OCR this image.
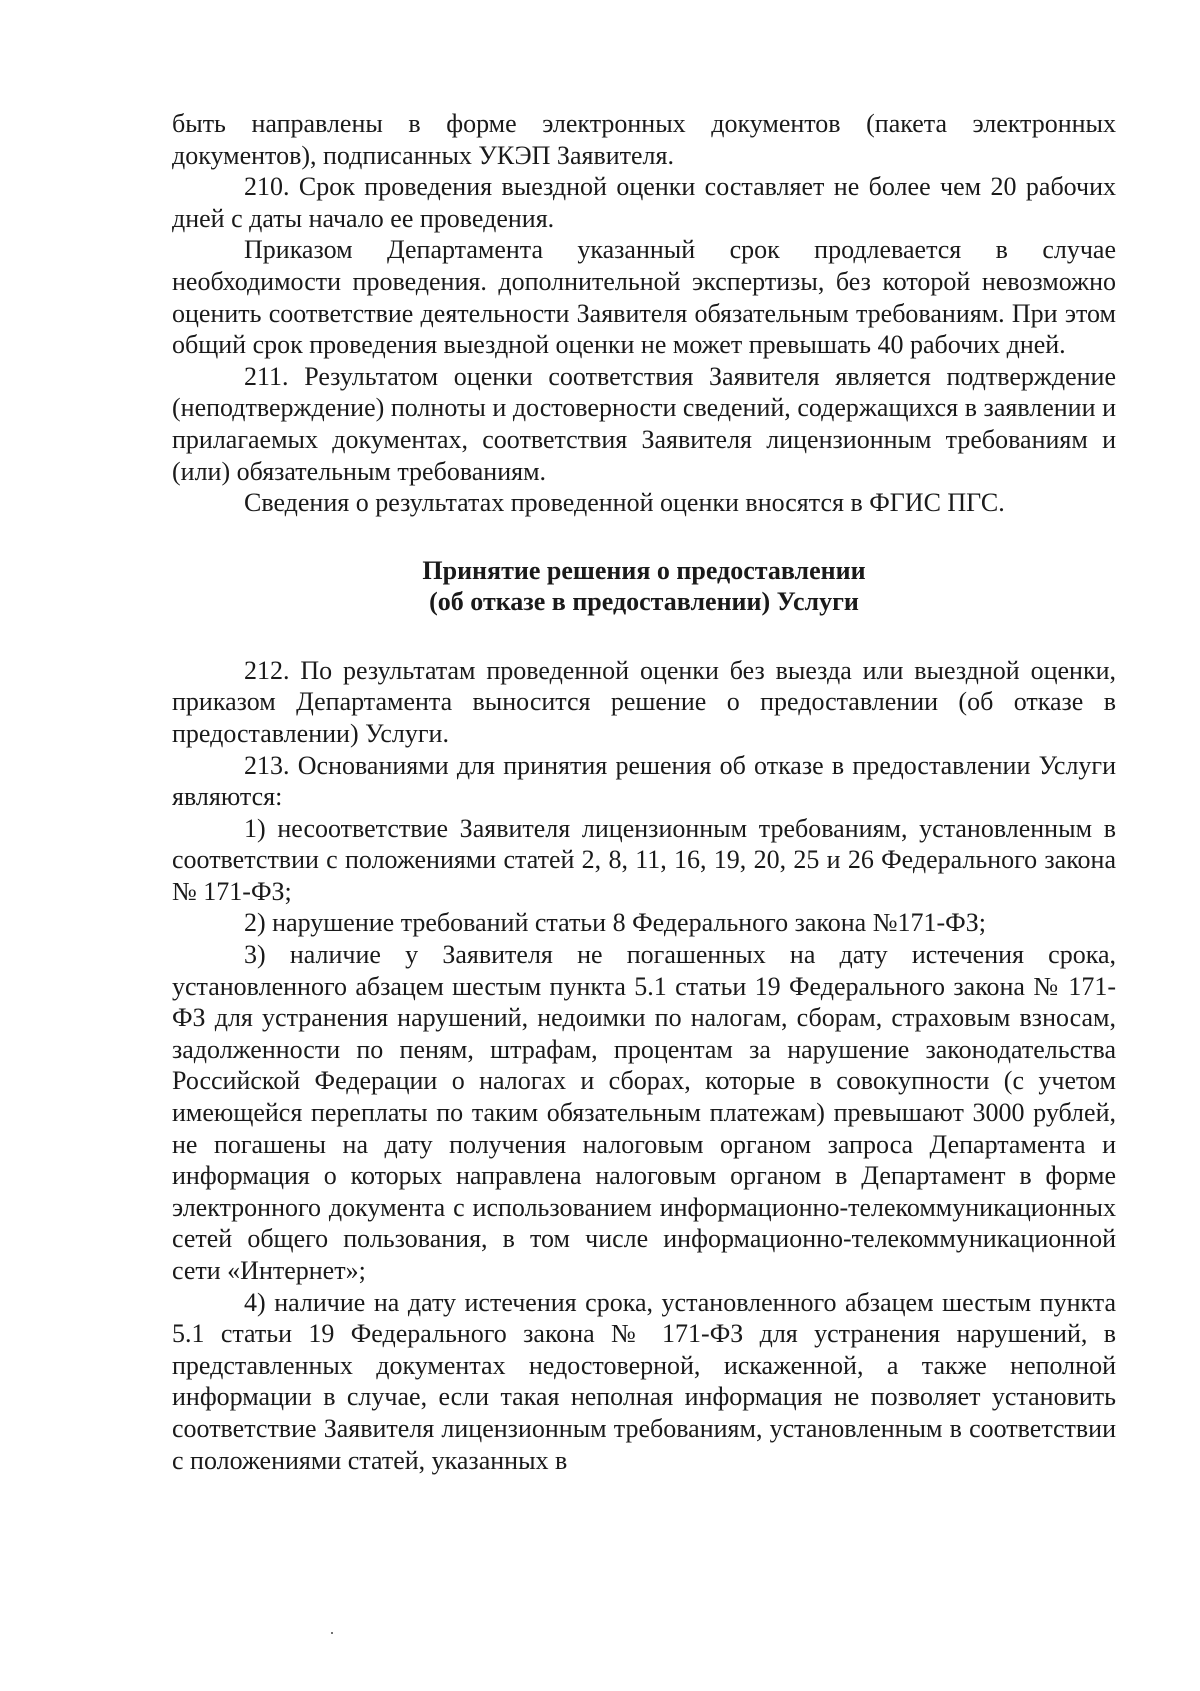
быть направлены в форме электронных документов (пакета электронных документов), подписанных УКЭП Заявителя.

210. Срок проведения выездной оценки составляет не более чем 20 рабочих дней с даты начало ее проведения.

Приказом Департамента указанный срок продлевается в случае необходимости проведения. дополнительной экспертизы, без которой невозможно оценить соответствие деятельности Заявителя обязательным требованиям. При этом общий срок проведения выездной оценки не может превышать 40 рабочих дней.

211. Результатом оценки соответствия Заявителя является подтверждение (неподтверждение) полноты и достоверности сведений, содержащихся в заявлении и прилагаемых документах, соответствия Заявителя лицензионным требованиям и (или) обязательным требованиям.

Сведения о результатах проведенной оценки вносятся в ФГИС ПГС.

Принятие решения о предоставлении
(об отказе в предоставлении) Услуги

212. По результатам проведенной оценки без выезда или выездной оценки, приказом Департамента выносится решение о предоставлении (об отказе в предоставлении) Услуги.

213. Основаниями для принятия решения об отказе в предоставлении Услуги являются:

1) несоответствие Заявителя лицензионным требованиям, установленным в соответствии с положениями статей 2, 8, 11, 16, 19, 20, 25 и 26 Федерального закона № 171-ФЗ;

2) нарушение требований статьи 8 Федерального закона №171-ФЗ;

3) наличие у Заявителя не погашенных на дату истечения срока, установленного абзацем шестым пункта 5.1 статьи 19 Федерального закона № 171-ФЗ для устранения нарушений, недоимки по налогам, сборам, страховым взносам, задолженности по пеням, штрафам, процентам за нарушение законодательства Российской Федерации о налогах и сборах, которые в совокупности (с учетом имеющейся переплаты по таким обязательным платежам) превышают 3000 рублей, не погашены на дату получения налоговым органом запроса Департамента и информация о которых направлена налоговым органом в Департамент в форме электронного документа с использованием информационно-телекоммуникационных сетей общего пользования, в том числе информационно-телекоммуникационной сети «Интернет»;

4) наличие на дату истечения срока, установленного абзацем шестым пункта 5.1 статьи 19 Федерального закона № 171-ФЗ для устранения нарушений, в представленных документах недостоверной, искаженной, а также неполной информации в случае, если такая неполная информация не позволяет установить соответствие Заявителя лицензионным требованиям, установленным в соответствии с положениями статей, указанных в
